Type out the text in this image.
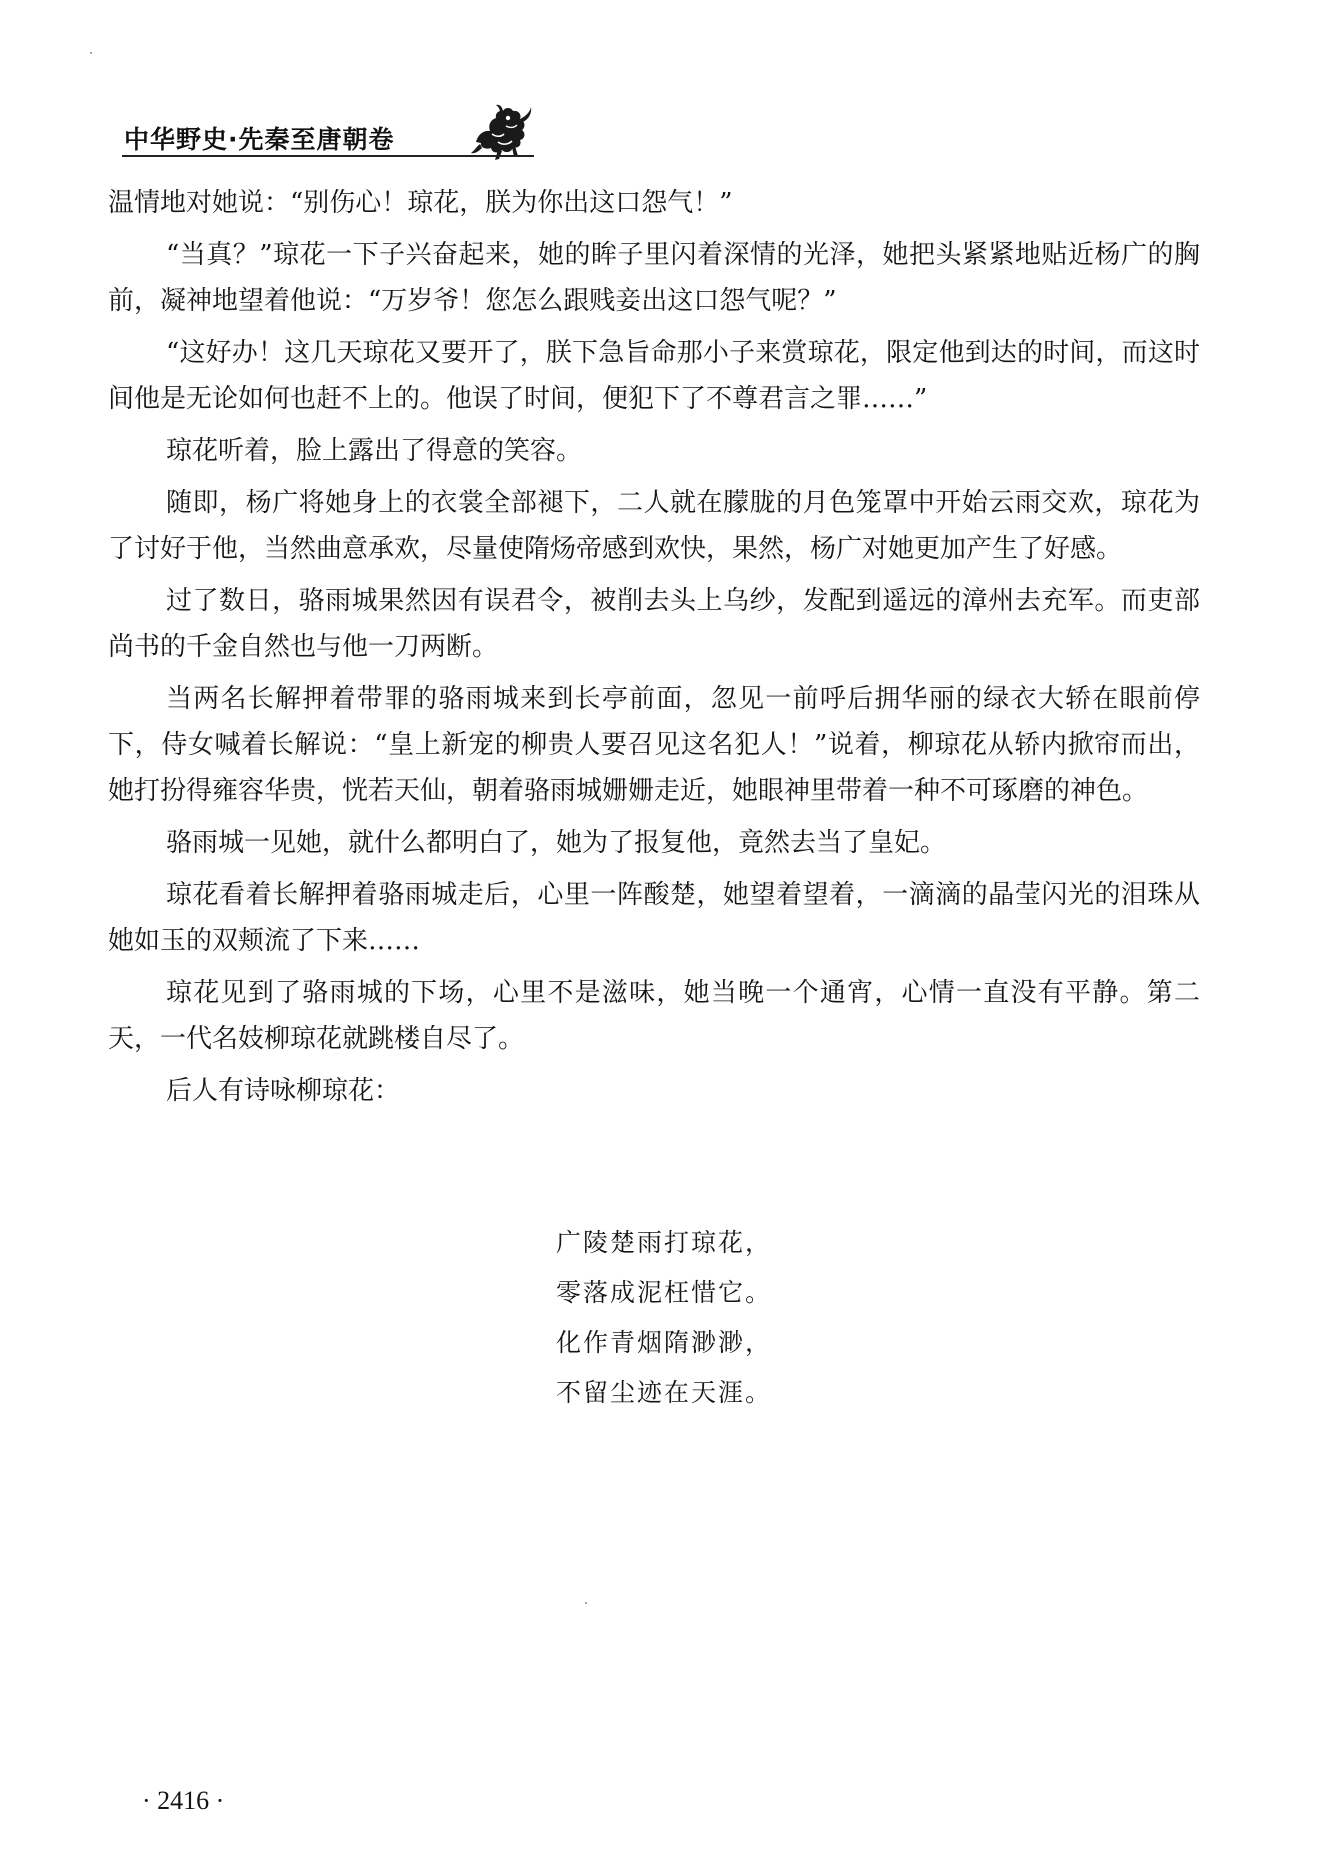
中华野史·先秦至唐朝卷

温情地对她说：“别伤心！琼花，朕为你出这口怨气！”

“当真？”琼花一下子兴奋起来，她的眸子里闪着深情的光泽，她把头紧紧地贴近杨广的胸前，凝神地望着他说：“万岁爷！您怎么跟贱妾出这口怨气呢？”

“这好办！这几天琼花又要开了，朕下急旨命那小子来赏琼花，限定他到达的时间，而这时间他是无论如何也赶不上的。他误了时间，便犯下了不尊君言之罪……”

琼花听着，脸上露出了得意的笑容。

随即，杨广将她身上的衣裳全部褪下，二人就在朦胧的月色笼罩中开始云雨交欢，琼花为了讨好于他，当然曲意承欢，尽量使隋炀帝感到欢快，果然，杨广对她更加产生了好感。

过了数日，骆雨城果然因有误君令，被削去头上乌纱，发配到遥远的漳州去充军。而吏部尚书的千金自然也与他一刀两断。

当两名长解押着带罪的骆雨城来到长亭前面，忽见一前呼后拥华丽的绿衣大轿在眼前停下，侍女喊着长解说：“皇上新宠的柳贵人要召见这名犯人！”说着，柳琼花从轿内掀帘而出，她打扮得雍容华贵，恍若天仙，朝着骆雨城姗姗走近，她眼神里带着一种不可琢磨的神色。

骆雨城一见她，就什么都明白了，她为了报复他，竟然去当了皇妃。

琼花看着长解押着骆雨城走后，心里一阵酸楚，她望着望着，一滴滴的晶莹闪光的泪珠从她如玉的双颊流了下来……

琼花见到了骆雨城的下场，心里不是滋味，她当晚一个通宵，心情一直没有平静。第二天，一代名妓柳琼花就跳楼自尽了。

后人有诗咏柳琼花：

广陵楚雨打琼花，
零落成泥枉惜它。
化作青烟隋渺渺，
不留尘迹在天涯。
· 2416 ·
